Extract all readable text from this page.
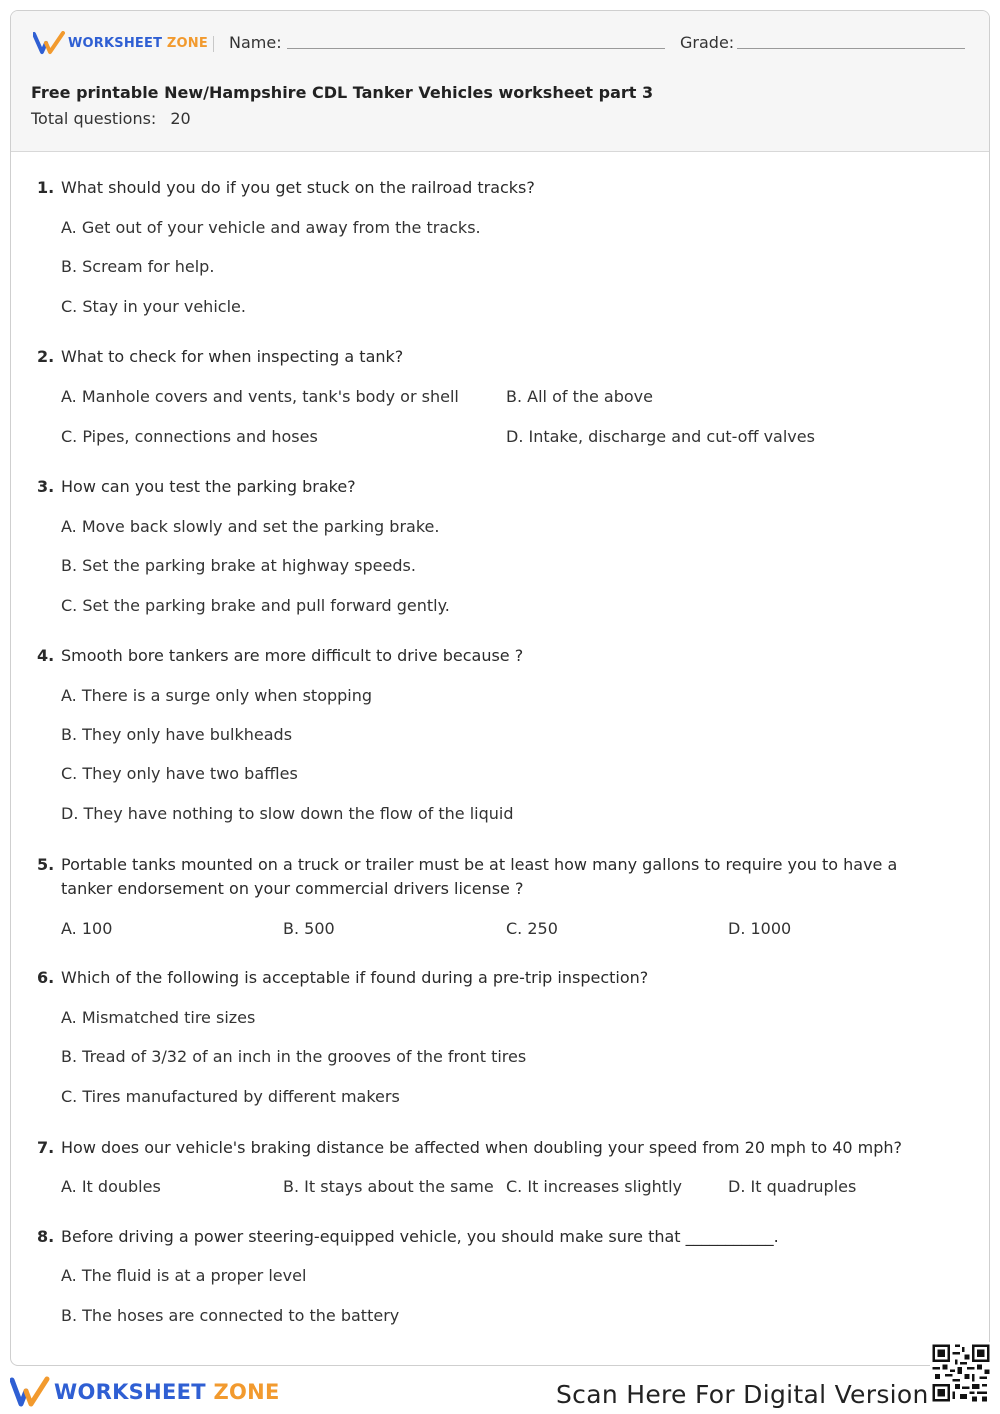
WORKSHEET ZONE Name:	Grade:
Free printable New/Hampshire CDL Tanker Vehicles worksheet part 3
Total questions: 20
1. What should you do if you get stuck on the railroad tracks?
A. Get out of your vehicle and away from the tracks.
B. Scream for help.
C. Stay in your vehicle.
2. What to check for when inspecting a tank?
A. Manhole covers and vents, tank's body or shell	B. All of the above
C. Pipes, connections and hoses	D. Intake, discharge and cut-off valves
3. How can you test the parking brake?
A. Move back slowly and set the parking brake.
B. Set the parking brake at highway speeds.
C. Set the parking brake and pull forward gently.
4. Smooth bore tankers are more difficult to drive because ?
A. There is a surge only when stopping
B. They only have bulkheads
C. They only have two baffles
D. They have nothing to slow down the flow of the liquid
5. Portable tanks mounted on a truck or trailer must be at least how many gallons to require you to have a tanker endorsement on your commercial drivers license ?
A. 100	B. 500	C. 250	D. 1000
6. Which of the following is acceptable if found during a pre-trip inspection?
A. Mismatched tire sizes
B. Tread of 3/32 of an inch in the grooves of the front tires
C. Tires manufactured by different makers
7. How does our vehicle's braking distance be affected when doubling your speed from 20 mph to 40 mph?
A. It doubles	B. It stays about the same C. It increases slightly	D. It quadruples
8. Before driving a power steering-equipped vehicle, you should make sure that ___________.
A. The fluid is at a proper level
B. The hoses are connected to the battery
WORKSHEET ZONE	Scan Here For Digital Version
